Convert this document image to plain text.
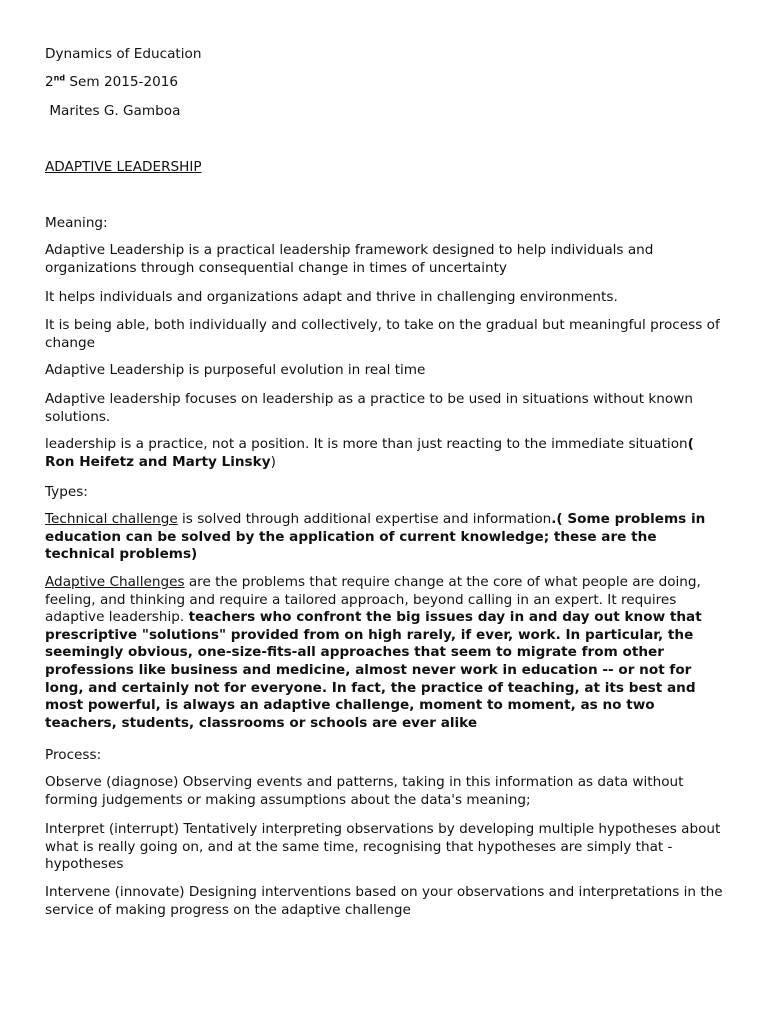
Dynamics of Education
2nd Sem 2015-2016
Marites G. Gamboa
ADAPTIVE LEADERSHIP
Meaning:
Adaptive Leadership is a practical leadership framework designed to help individuals and organizations through consequential change in times of uncertainty
It helps individuals and organizations adapt and thrive in challenging environments.
It is being able, both individually and collectively, to take on the gradual but meaningful process of change
Adaptive Leadership is purposeful evolution in real time
Adaptive leadership focuses on leadership as a practice to be used in situations without known solutions.
leadership is a practice, not a position. It is more than just reacting to the immediate situation( Ron Heifetz and Marty Linsky)
Types:
Technical challenge is solved through additional expertise and information.( Some problems in education can be solved by the application of current knowledge; these are the technical problems)
Adaptive Challenges are the problems that require change at the core of what people are doing, feeling, and thinking and require a tailored approach, beyond calling in an expert. It requires adaptive leadership. teachers who confront the big issues day in and day out know that prescriptive "solutions" provided from on high rarely, if ever, work. In particular, the seemingly obvious, one-size-fits-all approaches that seem to migrate from other professions like business and medicine, almost never work in education -- or not for long, and certainly not for everyone. In fact, the practice of teaching, at its best and most powerful, is always an adaptive challenge, moment to moment, as no two teachers, students, classrooms or schools are ever alike
Process:
Observe (diagnose) Observing events and patterns, taking in this information as data without forming judgements or making assumptions about the data's meaning;
Interpret (interrupt) Tentatively interpreting observations by developing multiple hypotheses about what is really going on, and at the same time, recognising that hypotheses are simply that - hypotheses
Intervene (innovate) Designing interventions based on your observations and interpretations in the service of making progress on the adaptive challenge
